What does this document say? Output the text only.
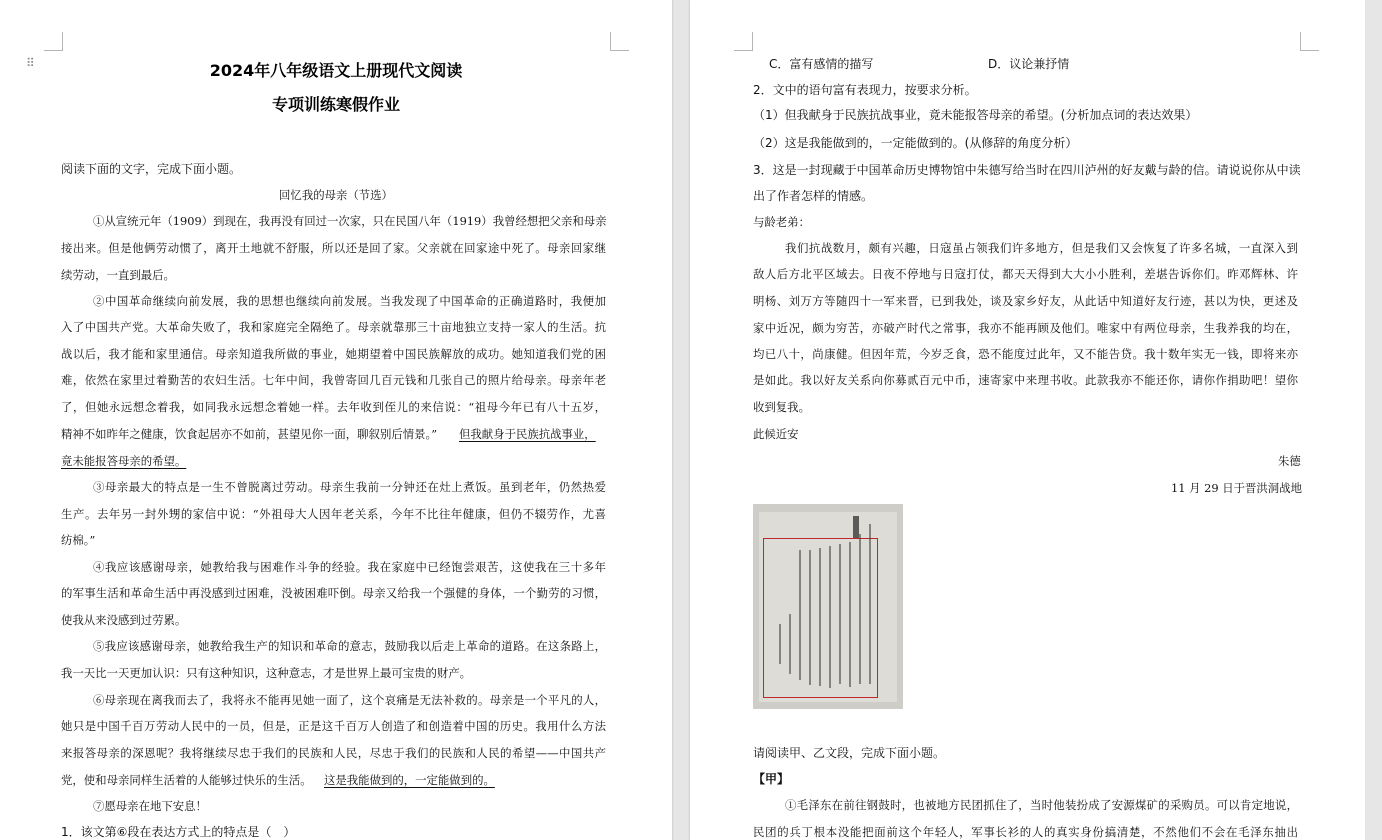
⠿	2024年八年级语文上册现代文阅读
专项训练寒假作业
阅读下面的文字，完成下面小题。
回忆我的母亲（节选）
①从宣统元年（1909）到现在，我再没有回过一次家，只在民国八年（1919）我曾经想把父亲和母亲
接出来。但是他俩劳动惯了，离开土地就不舒服，所以还是回了家。父亲就在回家途中死了。母亲回家继
续劳动，一直到最后。
②中国革命继续向前发展，我的思想也继续向前发展。当我发现了中国革命的正确道路时，我便加
入了中国共产党。大革命失败了，我和家庭完全隔绝了。母亲就靠那三十亩地独立支持一家人的生活。抗
战以后，我才能和家里通信。母亲知道我所做的事业，她期望着中国民族解放的成功。她知道我们党的困
难，依然在家里过着勤苦的农妇生活。七年中间，我曾寄回几百元钱和几张自己的照片给母亲。母亲年老
了，但她永远想念着我，如同我永远想念着她一样。去年收到侄儿的来信说：“祖母今年已有八十五岁，
精神不如昨年之健康，饮食起居亦不如前，甚望见你一面，聊叙别后情景。” 但我献身于民族抗战事业，
竟未能报答母亲的希望。
③母亲最大的特点是一生不曾脱离过劳动。母亲生我前一分钟还在灶上煮饭。虽到老年，仍然热爱
生产。去年另一封外甥的家信中说：“外祖母大人因年老关系，今年不比往年健康，但仍不辍劳作，尤喜
纺棉。”
④我应该感谢母亲，她教给我与困难作斗争的经验。我在家庭中已经饱尝艰苦，这使我在三十多年
的军事生活和革命生活中再没感到过困难，没被困难吓倒。母亲又给我一个强健的身体，一个勤劳的习惯，
使我从来没感到过劳累。
⑤我应该感谢母亲，她教给我生产的知识和革命的意志，鼓励我以后走上革命的道路。在这条路上，
我一天比一天更加认识：只有这种知识，这种意志，才是世界上最可宝贵的财产。
⑥母亲现在离我而去了，我将永不能再见她一面了，这个哀痛是无法补救的。母亲是一个平凡的人，
她只是中国千百万劳动人民中的一员，但是，正是这千百万人创造了和创造着中国的历史。我用什么方法
来报答母亲的深恩呢？我将继续尽忠于我们的民族和人民，尽忠于我们的民族和人民的希望——中国共产
党，使和母亲同样生活着的人能够过快乐的生活。 这是我能做到的，一定能做到的。
⑦愿母亲在地下安息！
1．该文第⑥段在表达方式上的特点是（　）
C．富有感情的描写	D．议论兼抒情
2．文中的语句富有表现力，按要求分析。
（1）但我献身于民族抗战事业，竟未能报答母亲的希望。(分析加点词的表达效果）
（2）这是我能做到的，一定能做到的。(从修辞的角度分析）
3．这是一封现藏于中国革命历史博物馆中朱德写给当时在四川泸州的好友戴与龄的信。请说说你从中读
出了作者怎样的情感。
与龄老弟：
我们抗战数月，颇有兴趣，日寇虽占领我们许多地方，但是我们又会恢复了许多名城，一直深入到
敌人后方北平区域去。日夜不停地与日寇打仗，都天天得到大大小小胜利，差堪告诉你们。昨邓辉林、许
明杨、刘万方等随四十一军来晋，已到我处，谈及家乡好友，从此话中知道好友行迹，甚以为快，更述及
家中近况，颇为穷苦，亦破产时代之常事，我亦不能再顾及他们。唯家中有两位母亲，生我养我的均在，
均已八十，尚康健。但因年荒，今岁乏食，恐不能度过此年，又不能告贷。我十数年实无一钱，即将来亦
是如此。我以好友关系向你募贰百元中币，速寄家中来理书收。此款我亦不能还你，请你作捐助吧！望你
收到复我。
此候近安
朱德
11 月 29 日于晋洪洞战地
请阅读甲、乙文段，完成下面小题。
【甲】
①毛泽东在前往钢鼓时，也被地方民团抓住了，当时他装扮成了安源煤矿的采购员。可以肯定地说，
民团的兵丁根本没能把面前这个年轻人，军事长衫的人的真实身份搞清楚，不然他们不会在毛泽东抽出
